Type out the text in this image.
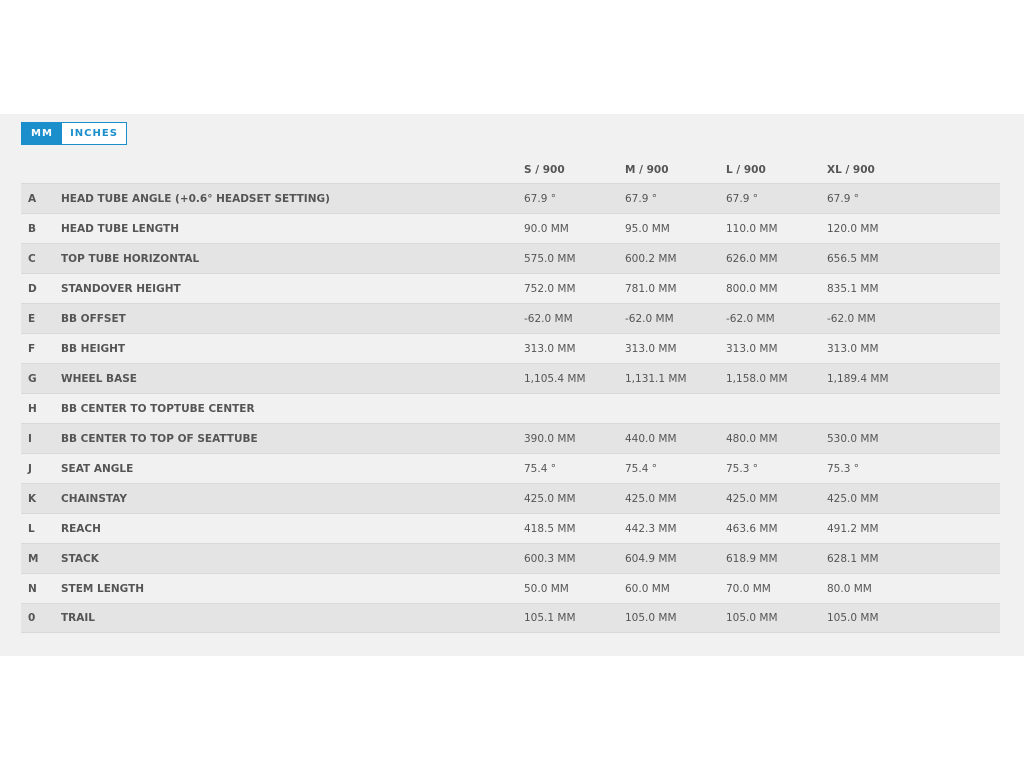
MM	INCHES
S / 900	M / 900	L / 900	XL / 900
A HEAD TUBE ANGLE (+0.6° HEADSET SETTING)	67.9 °	67.9 °	67.9 °	67.9 °
B HEAD TUBE LENGTH	90.0 MM	95.0 MM	110.0 MM	120.0 MM
C TOP TUBE HORIZONTAL	575.0 MM	600.2 MM	626.0 MM	656.5 MM
D STANDOVER HEIGHT	752.0 MM	781.0 MM	800.0 MM	835.1 MM
E BB OFFSET	-62.0 MM	-62.0 MM	-62.0 MM	-62.0 MM
F BB HEIGHT	313.0 MM	313.0 MM	313.0 MM	313.0 MM
G WHEEL BASE	1,105.4 MM	1,131.1 MM	1,158.0 MM	1,189.4 MM
H BB CENTER TO TOPTUBE CENTER
I	BB CENTER TO TOP OF SEATTUBE	390.0 MM	440.0 MM	480.0 MM	530.0 MM
J	SEAT ANGLE	75.4 °	75.4 °	75.3 °	75.3 °
K CHAINSTAY	425.0 MM	425.0 MM	425.0 MM	425.0 MM
L	REACH	418.5 MM	442.3 MM	463.6 MM	491.2 MM
M STACK	600.3 MM	604.9 MM	618.9 MM	628.1 MM
N STEM LENGTH	50.0 MM	60.0 MM	70.0 MM	80.0 MM
0 TRAIL	105.1 MM	105.0 MM	105.0 MM	105.0 MM
